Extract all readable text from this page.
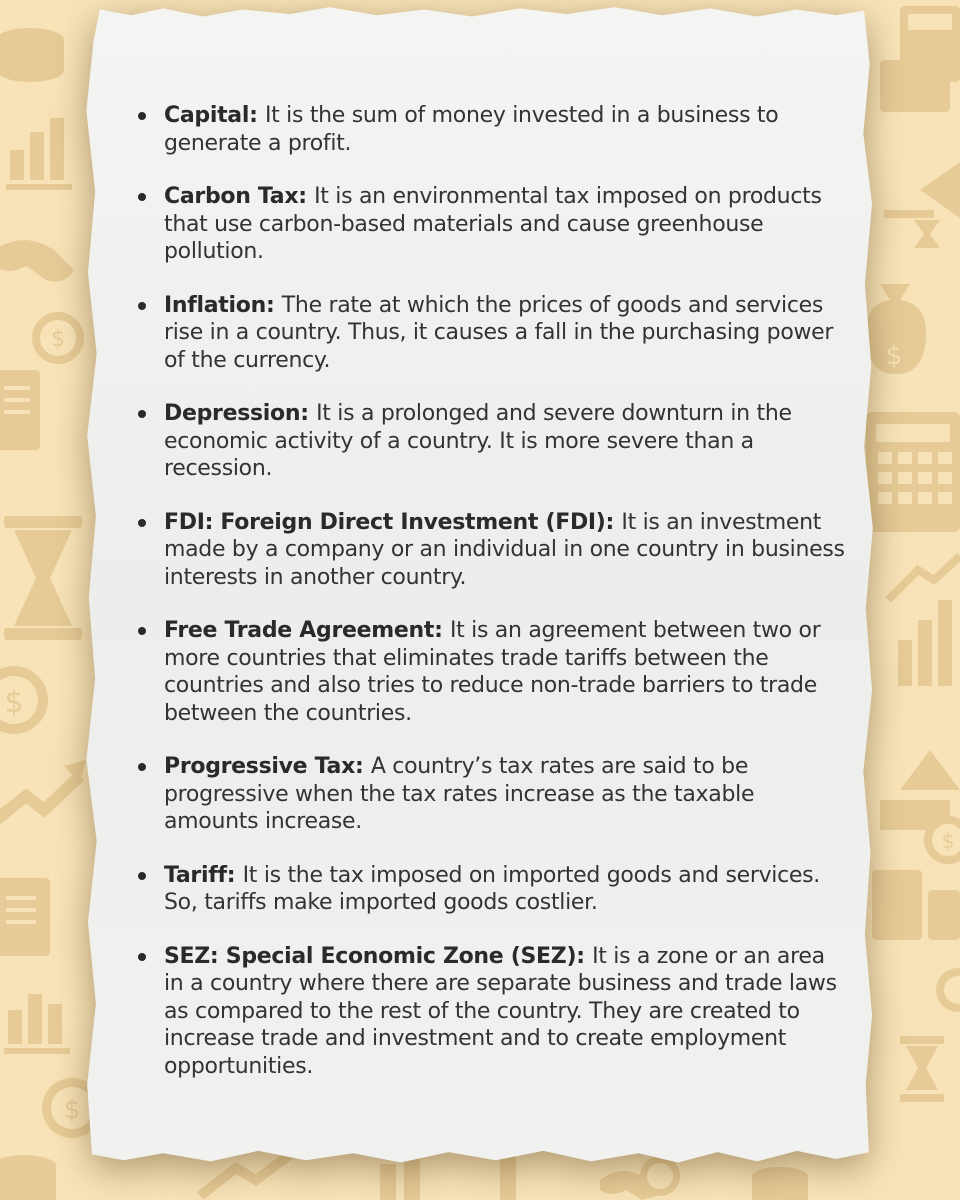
$
$
$
$
$
Capital: It is the sum of money invested in a business to generate a profit.
Carbon Tax: It is an environmental tax imposed on products that use carbon-based materials and cause greenhouse pollution.
Inflation: The rate at which the prices of goods and services rise in a country. Thus, it causes a fall in the purchasing power of the currency.
Depression: It is a prolonged and severe downturn in the economic activity of a country. It is more severe than a recession.
FDI: Foreign Direct Investment (FDI): It is an investment made by a company or an individual in one country in business interests in another country.
Free Trade Agreement: It is an agreement between two or more countries that eliminates trade tariffs between the countries and also tries to reduce non-trade barriers to trade between the countries.
Progressive Tax: A country’s tax rates are said to be progressive when the tax rates increase as the taxable amounts increase.
Tariff: It is the tax imposed on imported goods and services. So, tariffs make imported goods costlier.
SEZ: Special Economic Zone (SEZ): It is a zone or an area in a country where there are separate business and trade laws as compared to the rest of the country. They are created to increase trade and investment and to create employment opportunities.
